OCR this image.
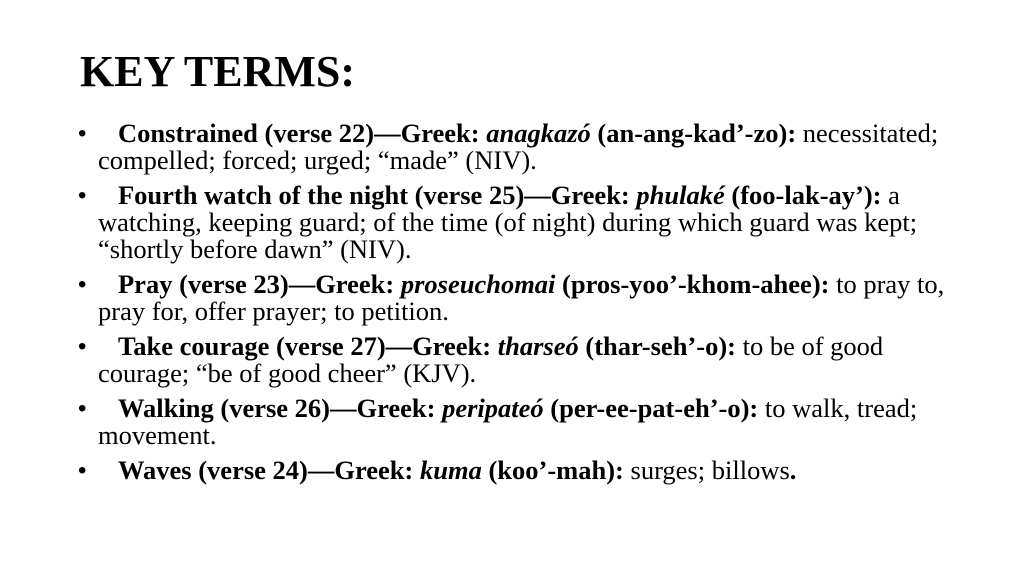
KEY TERMS:
• Constrained (verse 22)—Greek: anagkazó (an-ang-kad’-zo): necessitated; compelled; forced; urged; “made” (NIV).
• Fourth watch of the night (verse 25)—Greek: phulaké (foo-lak-ay’): a watching, keeping guard; of the time (of night) during which guard was kept; “shortly before dawn” (NIV).
• Pray (verse 23)—Greek: proseuchomai (pros-yoo’-khom-ahee): to pray to, pray for, offer prayer; to petition.
• Take courage (verse 27)—Greek: tharseó (thar-seh’-o): to be of good courage; “be of good cheer” (KJV).
• Walking (verse 26)—Greek: peripateó (per-ee-pat-eh’-o): to walk, tread; movement.
• Waves (verse 24)—Greek: kuma (koo’-mah): surges; billows.
